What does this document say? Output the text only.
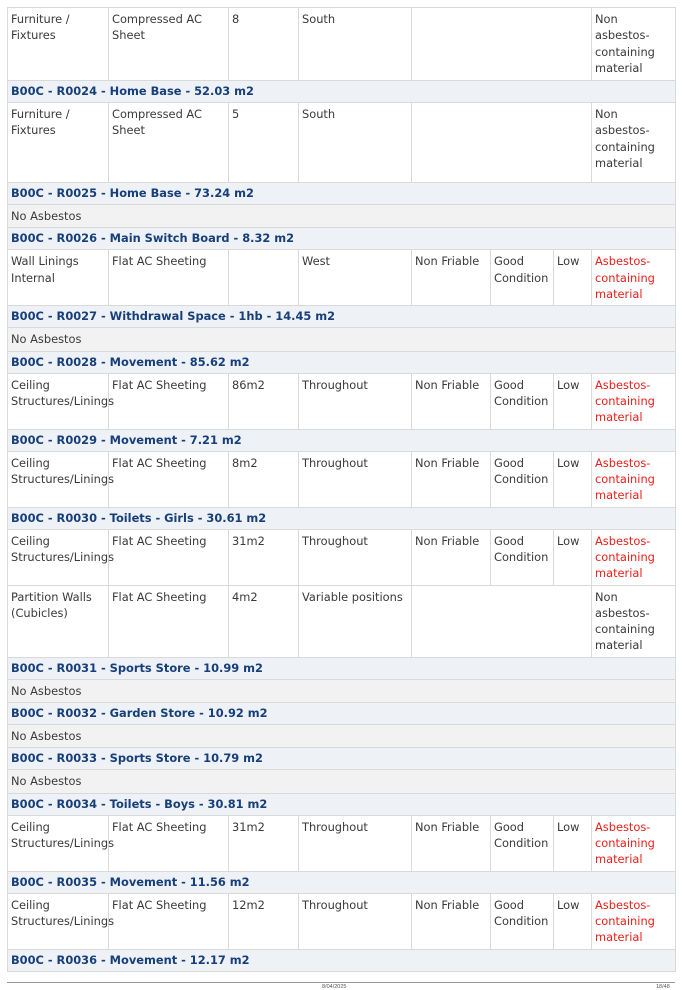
Furniture / Fixtures	Compressed AC Sheet	8	South				Non asbestos-containing material
B00C - R0024 - Home Base - 52.03 m2							
Furniture / Fixtures	Compressed AC Sheet	5	South				Non asbestos-containing material
B00C - R0025 - Home Base - 73.24 m2							
No Asbestos							
B00C - R0026 - Main Switch Board - 8.32 m2							
Wall Linings Internal	Flat AC Sheeting		West	Non Friable	Good Condition	Low	Asbestos-containing material
B00C - R0027 - Withdrawal Space - 1hb - 14.45 m2							
No Asbestos							
B00C - R0028 - Movement - 85.62 m2							
Ceiling Structures/Linings	Flat AC Sheeting	86m2	Throughout	Non Friable	Good Condition	Low	Asbestos-containing material
B00C - R0029 - Movement - 7.21 m2							
Ceiling Structures/Linings	Flat AC Sheeting	8m2	Throughout	Non Friable	Good Condition	Low	Asbestos-containing material
B00C - R0030 - Toilets - Girls - 30.61 m2							
Ceiling Structures/Linings	Flat AC Sheeting	31m2	Throughout	Non Friable	Good Condition	Low	Asbestos-containing material
Partition Walls (Cubicles)	Flat AC Sheeting	4m2	Variable positions				Non asbestos-containing material
B00C - R0031 - Sports Store - 10.99 m2							
No Asbestos							
B00C - R0032 - Garden Store - 10.92 m2							
No Asbestos							
B00C - R0033 - Sports Store - 10.79 m2							
No Asbestos							
B00C - R0034 - Toilets - Boys - 30.81 m2							
Ceiling Structures/Linings	Flat AC Sheeting	31m2	Throughout	Non Friable	Good Condition	Low	Asbestos-containing material
B00C - R0035 - Movement - 11.56 m2							
Ceiling Structures/Linings	Flat AC Sheeting	12m2	Throughout	Non Friable	Good Condition	Low	Asbestos-containing material
B00C - R0036 - Movement - 12.17 m2							
8/04/2025	18/48
